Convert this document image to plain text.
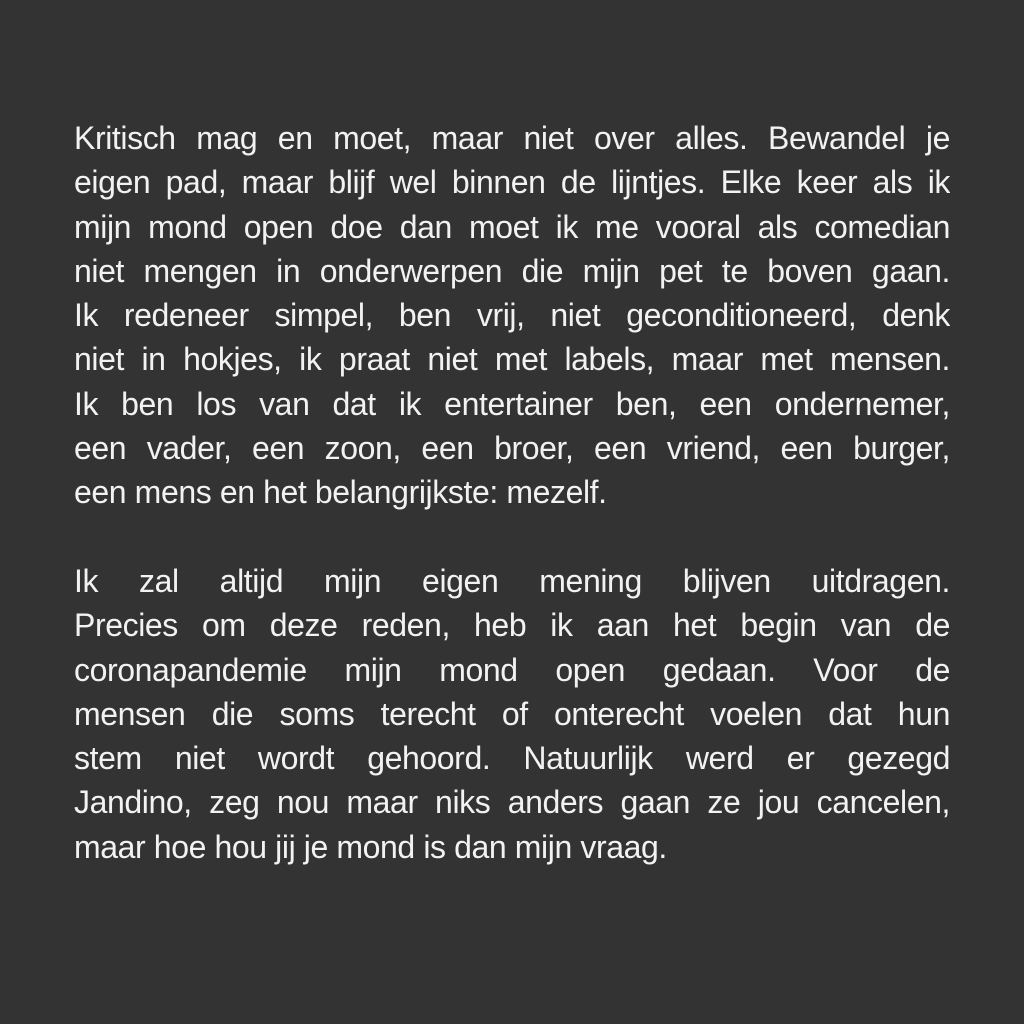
Kritisch mag en moet, maar niet over alles. Bewandel je
eigen pad, maar blijf wel binnen de lijntjes. Elke keer als ik
mijn mond open doe dan moet ik me vooral als comedian
niet mengen in onderwerpen die mijn pet te boven gaan.
Ik redeneer simpel, ben vrij, niet geconditioneerd, denk
niet in hokjes, ik praat niet met labels, maar met mensen.
Ik ben los van dat ik entertainer ben, een ondernemer,
een vader, een zoon, een broer, een vriend, een burger,
een mens en het belangrijkste: mezelf.
Ik zal altijd mijn eigen mening blijven uitdragen.
Precies om deze reden, heb ik aan het begin van de
coronapandemie mijn mond open gedaan. Voor de
mensen die soms terecht of onterecht voelen dat hun
stem niet wordt gehoord. Natuurlijk werd er gezegd
Jandino, zeg nou maar niks anders gaan ze jou cancelen,
maar hoe hou jij je mond is dan mijn vraag.
